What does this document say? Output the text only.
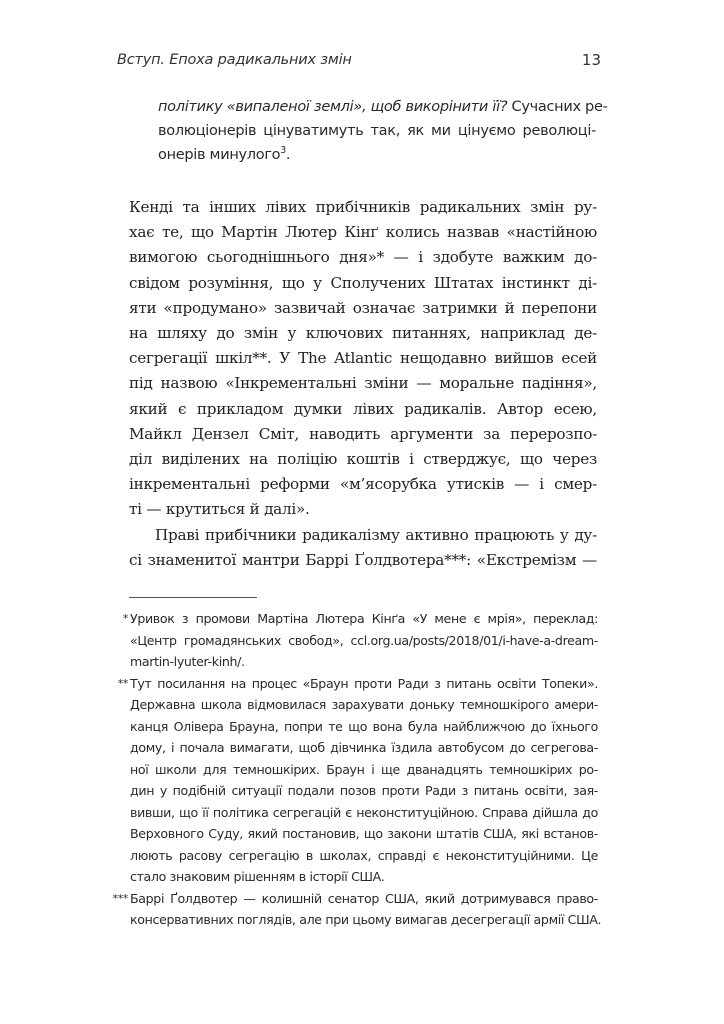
Вступ. Епоха радикальних змін	13
політику «випаленої землі», щоб викорінити її? Сучасних ре-
волюціонерів цінуватимуть так, як ми цінуємо революці-
онерів минулого$^3$.
Кенді та інших лівих прибічників радикальних змін ру-
хає те, що Мартін Лютер Кінґ колись назвав «настійною
вимогою сьогоднішнього дня»* — і здобуте важким до-
свідом розуміння, що у Сполучених Штатах інстинкт ді-
яти «продумано» зазвичай означає затримки й перепони
на шляху до змін у ключових питаннях, наприклад де-
сегрегації шкіл**. У The Atlantic нещодавно вийшов есей
під назвою «Інкрементальні зміни — моральне падіння»,
який є прикладом думки лівих радикалів. Автор есею,
Майкл Дензел Сміт, наводить аргументи за перерозпо-
діл виділених на поліцію коштів і стверджує, що через
інкрементальні реформи «м’ясорубка утисків — і смер-
ті — крутиться й далі».
Праві прибічники радикалізму активно працюють у ду-
сі знаменитої мантри Баррі Ґолдвотера***: «Екстремізм —
* Уривок з промови Мартіна Лютера Кінґа «У мене є мрія», переклад:
«Центр громадянських свобод», ccl.org.ua/posts/2018/01/i-have-a-dream-
martin-lyuter-kinh/.
** Тут посилання на процес «Браун проти Ради з питань освіти Топеки».
Державна школа відмовилася зарахувати доньку темношкірого амери-
канця Олівера Брауна, попри те що вона була найближчою до їхнього
дому, і почала вимагати, щоб дівчинка їздила автобусом до сегрегова-
ної школи для темношкірих. Браун і ще дванадцять темношкірих ро-
дин у подібній ситуації подали позов проти Ради з питань освіти, зая-
вивши, що її політика сегрегацій є неконституційною. Справа дійшла до
Верховного Суду, який постановив, що закони штатів США, які встанов-
люють расову сегрегацію в школах, справді є неконституційними. Це
стало знаковим рішенням в історії США.
*** Баррі Ґолдвотер — колишній сенатор США, який дотримувався право-
консервативних поглядів, але при цьому вимагав десегрегації армії США.
